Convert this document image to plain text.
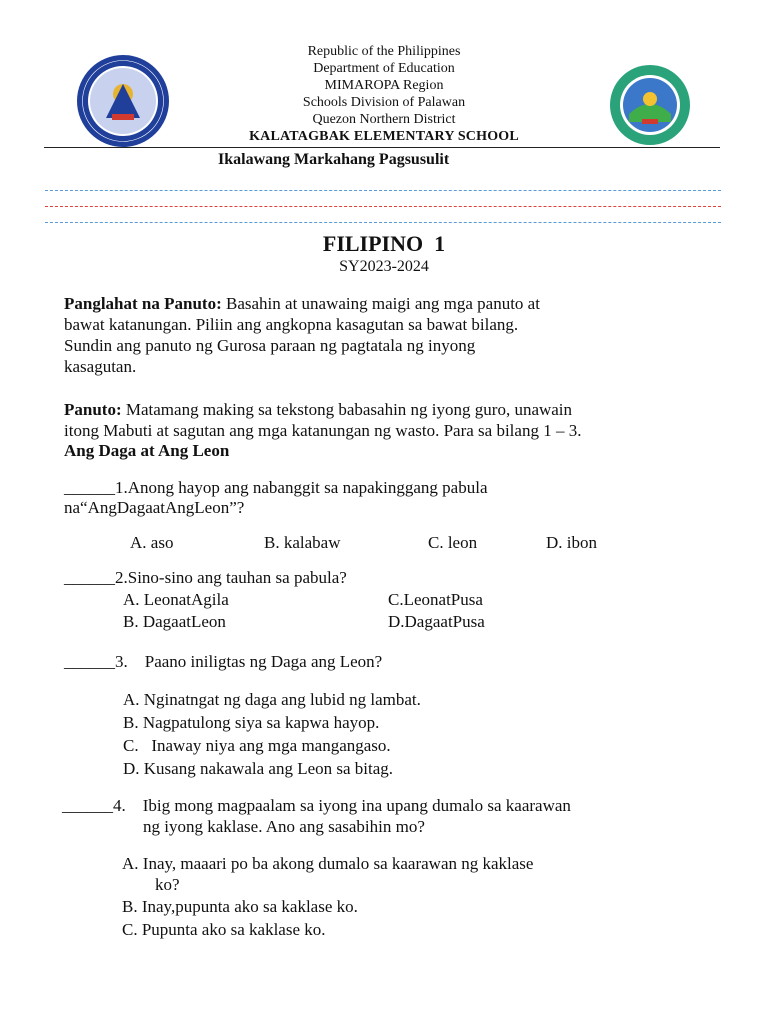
Republic of the Philippines
Department of Education
MIMAROPA Region
Schools Division of Palawan
Quezon Northern District
KALATAGBAK ELEMENTARY SCHOOL
Ikalawang Markahang Pagsusulit
FILIPINO  1
SY2023-2024
Panglahat na Panuto: Basahin at unawaing maigi ang mga panuto at
bawat katanungan. Piliin ang angkopna kasagutan sa bawat bilang.
Sundin ang panuto ng Gurosa paraan ng pagtatala ng inyong
kasagutan.
Panuto: Matamang making sa tekstong babasahin ng iyong guro, unawain
itong Mabuti at sagutan ang mga katanungan ng wasto. Para sa bilang 1 – 3.
Ang Daga at Ang Leon
______1.Anong hayop ang nabanggit sa napakinggang pabula
na“AngDagaatAngLeon”?
A. aso	B. kalabaw	C. leon	D. ibon
______2.Sino-sino ang tauhan sa pabula?
A. LeonatAgila	C.LeonatPusa
B. DagaatLeon	D.DagaatPusa
______3.    Paano iniligtas ng Daga ang Leon?
A. Nginatngat ng daga ang lubid ng lambat.
B. Nagpatulong siya sa kapwa hayop.
C.   Inaway niya ang mga mangangaso.
D. Kusang nakawala ang Leon sa bitag.
______4.    Ibig mong magpaalam sa iyong ina upang dumalo sa kaarawan
ng iyong kaklase. Ano ang sasabihin mo?
A. Inay, maaari po ba akong dumalo sa kaarawan ng kaklase
ko?
B. Inay,pupunta ako sa kaklase ko.
C. Pupunta ako sa kaklase ko.
